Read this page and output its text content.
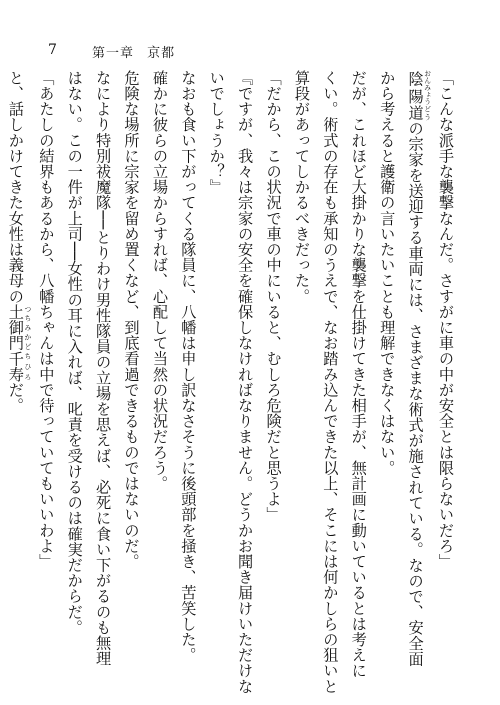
7	第一章 京都
「こんな派手な襲撃なんだ。さすがに車の中が安全とは限らないだろ」
陰陽 おんみょう道 どうの宗家を送迎する車両には、さまざまな術式が施されている。なので、安全面
から考えると護衛の言いたいことも理解できなくはない。
だが、これほど大掛かりな襲撃を仕掛けてきた相手が、無計画に動いているとは考えに
くい。術式の存在も承知のうえで、なお踏み込んできた以上、そこには何かしらの狙いと
算段があってしかるべきだった。
「だから、この状況で車の中にいると、むしろ危険だと思うよ」
『ですが、我々は宗家の安全を確保しなければなりません。どうかお聞き届けいただけな
いでしょうか？』
なおも食い下がってくる隊員に、八幡は申し訳なさそうに後頭部を掻き、苦笑した。
確かに彼らの立場からすれば、心配して当然の状況だろう。
危険な場所に宗家を留め置くなど、到底看過できるものではないのだ。
なにより特別祓魔隊──とりわけ男性隊員の立場を思えば、必死に食い下がるのも無理
はない。この一件が上司──女性の耳に入れば、叱責を受けるのは確実だからだ。
「あたしの結界もあるから、八幡ちゃんは中で待っていてもいいわよ」
と、話しかけてきた女性は義母の土御門 つちみかど千寿 ちひろだ。
